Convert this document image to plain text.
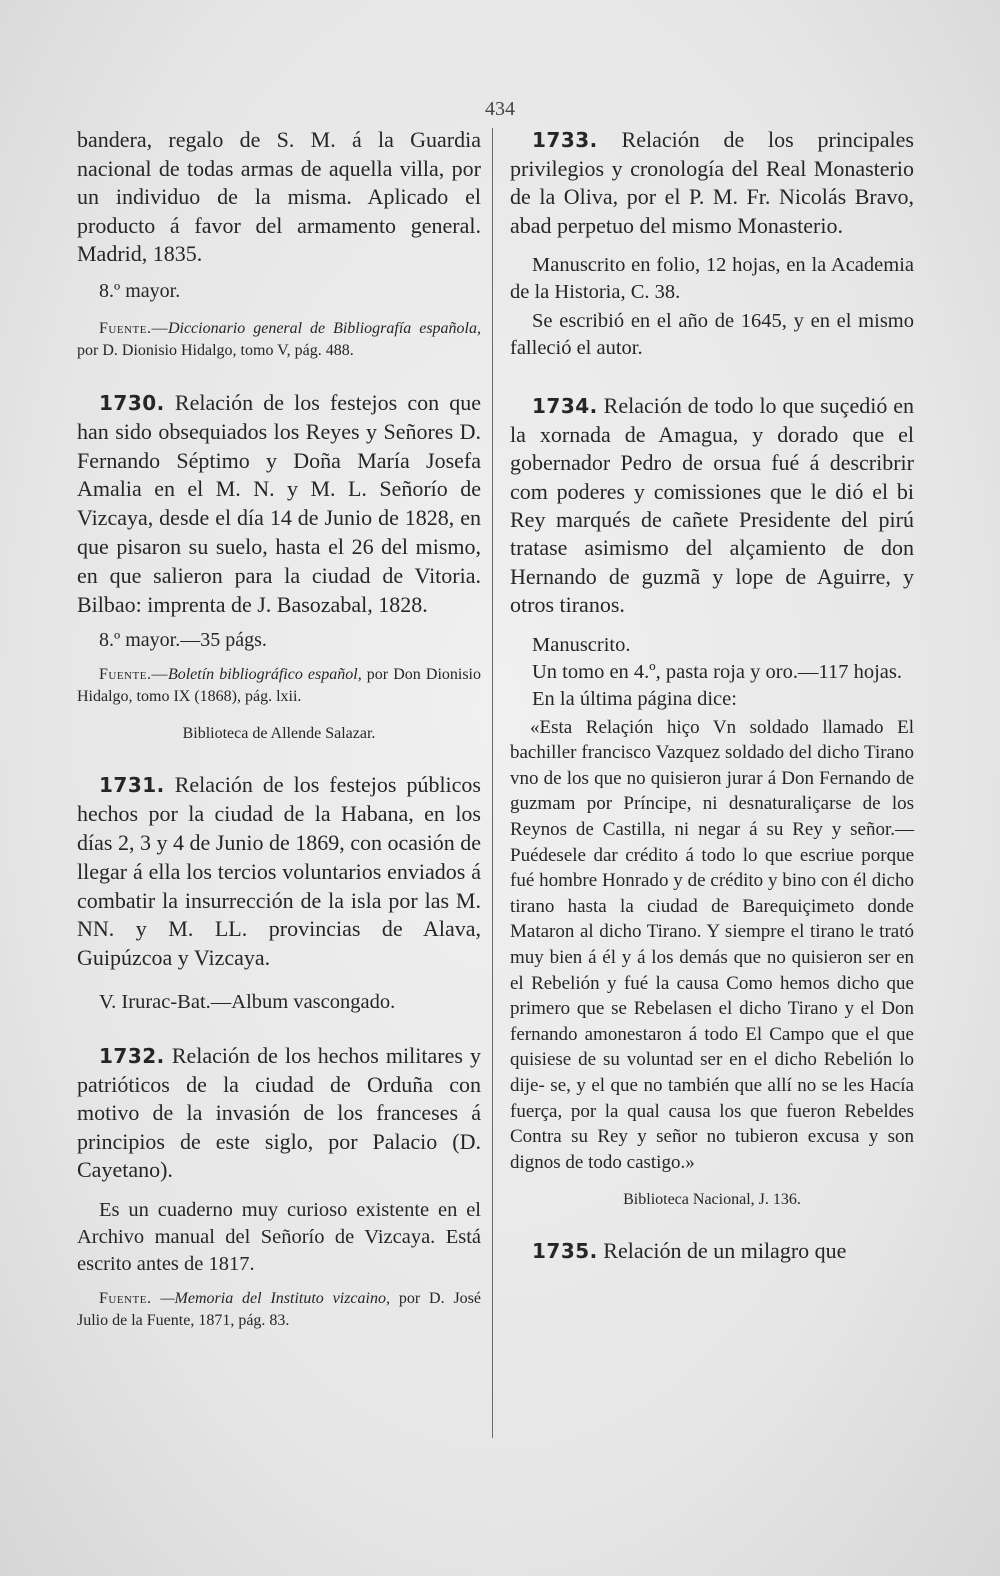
434

bandera, regalo de S. M. á la Guardia nacional de todas armas de aquella villa, por un individuo de la misma. Aplicado el producto á favor del armamento general. Madrid, 1835.

8.º mayor.

Fuente.—Diccionario general de Bibliografía española, por D. Dionisio Hidalgo, tomo V, pág. 488.

1730. Relación de los festejos con que han sido obsequiados los Reyes y Señores D. Fernando Séptimo y Doña María Josefa Amalia en el M. N. y M. L. Señorío de Vizcaya, desde el día 14 de Junio de 1828, en que pisaron su suelo, hasta el 26 del mismo, en que salieron para la ciudad de Vitoria. Bilbao: imprenta de J. Basozabal, 1828.

8.º mayor.—35 págs.

Fuente.—Boletín bibliográfico español, por Don Dionisio Hidalgo, tomo IX (1868), pág. lxii.

Biblioteca de Allende Salazar.

1731. Relación de los festejos públicos hechos por la ciudad de la Habana, en los días 2, 3 y 4 de Junio de 1869, con ocasión de llegar á ella los tercios voluntarios enviados á combatir la insurrección de la isla por las M. NN. y M. LL. provincias de Alava, Guipúzcoa y Vizcaya.

V. Irurac-Bat.—Album vascongado.

1732. Relación de los hechos militares y patrióticos de la ciudad de Orduña con motivo de la invasión de los franceses á principios de este siglo, por Palacio (D. Cayetano).

Es un cuaderno muy curioso existente en el Archivo manual del Señorío de Vizcaya. Está escrito antes de 1817.

Fuente. —Memoria del Instituto vizcaino, por D. José Julio de la Fuente, 1871, pág. 83.

1733. Relación de los principales privilegios y cronología del Real Monasterio de la Oliva, por el P. M. Fr. Nicolás Bravo, abad perpetuo del mismo Monasterio.

Manuscrito en folio, 12 hojas, en la Academia de la Historia, C. 38.

Se escribió en el año de 1645, y en el mismo falleció el autor.

1734. Relación de todo lo que suçedió en la xornada de Amagua, y dorado que el gobernador Pedro de orsua fué á describrir com poderes y comissiones que le dió el bi Rey marqués de cañete Presidente del pirú tratase asimismo del alçamiento de don Hernando de guzmã y lope de Aguirre, y otros tiranos.

Manuscrito.

Un tomo en 4.º, pasta roja y oro.—117 hojas.

En la última página dice:

«Esta Relaçión hiço Vn soldado llamado El bachiller francisco Vazquez soldado del dicho Tirano vno de los que no quisieron jurar á Don Fernando de guzmam por Príncipe, ni desnaturaliçarse de los Reynos de Castilla, ni negar á su Rey y señor.—Puédesele dar crédito á todo lo que escriue porque fué hombre Honrado y de crédito y bino con él dicho tirano hasta la ciudad de Barequiçimeto donde Mataron al dicho Tirano. Y siempre el tirano le trató muy bien á él y á los demás que no quisieron ser en el Rebelión y fué la causa Como hemos dicho que primero que se Rebelasen el dicho Tirano y el Don fernando amonestaron á todo El Campo que el que quisiese de su voluntad ser en el dicho Rebelión lo dije- se, y el que no también que allí no se les Hacía fuerça, por la qual causa los que fueron Rebeldes Contra su Rey y señor no tubieron excusa y son dignos de todo castigo.»

Biblioteca Nacional, J. 136.

1735. Relación de un milagro que
